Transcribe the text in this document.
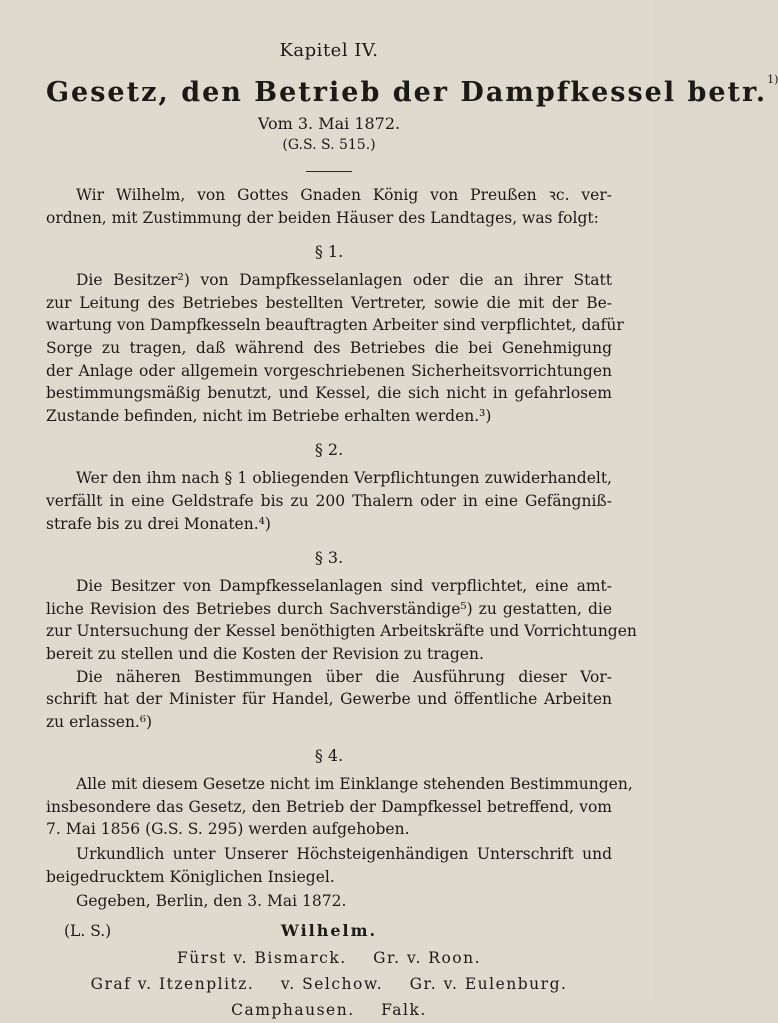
Kapitel IV.
Gesetz, den Betrieb der Dampfkessel betr.$^{1)}$
Vom 3. Mai 1872.
(G.S. S. 515.)
Wir Wilhelm, von Gottes Gnaden König von Preußen ꝛc. ver-
ordnen, mit Zustimmung der beiden Häuser des Landtages, was folgt:
§ 1.
Die Besitzer²) von Dampfkesselanlagen oder die an ihrer Statt
zur Leitung des Betriebes bestellten Vertreter, sowie die mit der Be-
wartung von Dampfkesseln beauftragten Arbeiter sind verpflichtet, dafür
Sorge zu tragen, daß während des Betriebes die bei Genehmigung
der Anlage oder allgemein vorgeschriebenen Sicherheitsvorrichtungen
bestimmungsmäßig benutzt, und Kessel, die sich nicht in gefahrlosem
Zustande befinden, nicht im Betriebe erhalten werden.³)
§ 2.
Wer den ihm nach § 1 obliegenden Verpflichtungen zuwiderhandelt,
verfällt in eine Geldstrafe bis zu 200 Thalern oder in eine Gefängniß-
strafe bis zu drei Monaten.⁴)
§ 3.
Die Besitzer von Dampfkesselanlagen sind verpflichtet, eine amt-
liche Revision des Betriebes durch Sachverständige⁵) zu gestatten, die
zur Untersuchung der Kessel benöthigten Arbeitskräfte und Vorrichtungen
bereit zu stellen und die Kosten der Revision zu tragen.
Die näheren Bestimmungen über die Ausführung dieser Vor-
schrift hat der Minister für Handel, Gewerbe und öffentliche Arbeiten
zu erlassen.⁶)
§ 4.
Alle mit diesem Gesetze nicht im Einklange stehenden Bestimmungen,
insbesondere das Gesetz, den Betrieb der Dampfkessel betreffend, vom
7. Mai 1856 (G.S. S. 295) werden aufgehoben.
Urkundlich unter Unserer Höchsteigenhändigen Unterschrift und
beigedrucktem Königlichen Insiegel.
Gegeben, Berlin, den 3. Mai 1872.
(L. S.)	Wilhelm.
Fürst v. Bismarck. Gr. v. Roon.
Graf v. Itzenplitz. v. Selchow. Gr. v. Eulenburg.
Camphausen. Falk.
